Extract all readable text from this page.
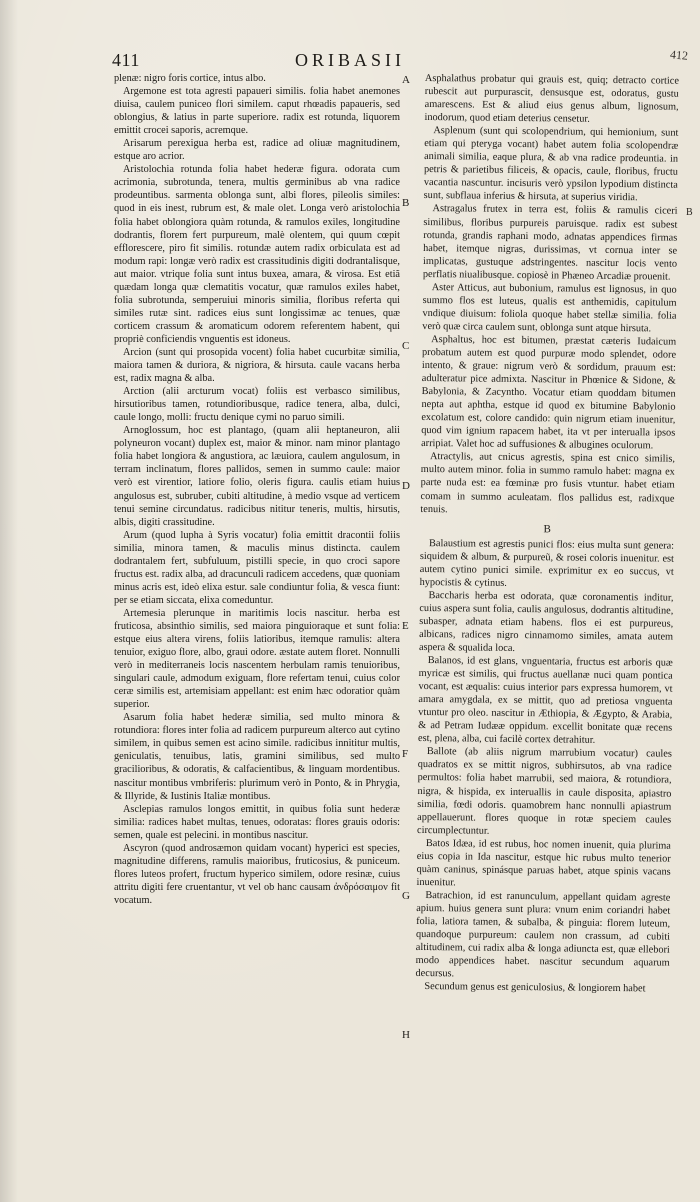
411	ORIBASII	412

plenæ: nigro foris cortice, intus albo.

Argemone est tota agresti papaueri similis. folia habet anemones diuisa, caulem puniceo flori similem. caput rhœadis papaueris, sed oblongius, & latius in parte superiore. radix est rotunda, liquorem emittit crocei saporis, acremque.

Arisarum perexigua herba est, radice ad oliuæ magnitudinem, estque aro acrior.

Aristolochia rotunda folia habet hederæ figura. odorata cum acrimonia, subrotunda, tenera, multis germinibus ab vna radice prodeuntibus. sarmenta oblonga sunt, albi flores, pileolis similes: quod in eis inest, rubrum est, & male olet. Longa verò aristolochia folia habet oblongiora quàm rotunda, & ramulos exiles, longitudine dodrantis, florem fert purpureum, malè olentem, qui quum cœpit efflorescere, piro fit similis. rotundæ autem radix orbiculata est ad modum rapi: longæ verò radix est crassitudinis digiti dodrantalisque, aut maior. vtrique folia sunt intus buxea, amara, & virosa. Est etiã quædam longa quæ clematitis vocatur, quæ ramulos exiles habet, folia subrotunda, semperuiui minoris similia, floribus referta qui similes rutæ sint. radices eius sunt longissimæ ac tenues, quæ corticem crassum & aromaticum odorem referentem habent, qui propriè conficiendis vnguentis est idoneus.

Arcion (sunt qui prosopida vocent) folia habet cucurbitæ similia, maiora tamen & duriora, & nigriora, & hirsuta. caule vacans herba est, radix magna & alba.

Arction (alii arcturum vocat) foliis est verbasco similibus, hirsutioribus tamen, rotundioribusque, radice tenera, alba, dulci, caule longo, molli: fructu denique cymi no paruo simili.

Arnoglossum, hoc est plantago, (quam alii heptaneuron, alii polyneuron vocant) duplex est, maior & minor. nam minor plantago folia habet longiora & angustiora, ac læuiora, caulem angulosum, in terram inclinatum, flores pallidos, semen in summo caule: maior verò est virentior, latiore folio, oleris figura. caulis etiam huius angulosus est, subruber, cubiti altitudine, à medio vsque ad verticem tenui semine circundatus. radicibus nititur teneris, multis, hirsutis, albis, digiti crassitudine.

Arum (quod lupha à Syris vocatur) folia emittit dracontii foliis similia, minora tamen, & maculis minus distincta. caulem dodrantalem fert, subfuluum, pistilli specie, in quo croci sapore fructus est. radix alba, ad dracunculi radicem accedens, quæ quoniam minus acris est, ideò elixa estur. sale condiuntur folia, & vesca fiunt: per se etiam siccata, elixa comeduntur.

Artemesia plerunque in maritimis locis nascitur. herba est fruticosa, absinthio similis, sed maiora pinguioraque et sunt folia: estque eius altera virens, foliis latioribus, itemque ramulis: altera tenuior, exiguo flore, albo, graui odore. æstate autem floret. Nonnulli verò in mediterraneis locis nascentem herbulam ramis tenuioribus, singulari caule, admodum exiguam, flore refertam tenui, cuius color ceræ similis est, artemisiam appellant: est enim hæc odoratior quàm superior.

Asarum folia habet hederæ similia, sed multo minora & rotundiora: flores inter folia ad radicem purpureum alterco aut cytino similem, in quibus semen est acino simile. radicibus innititur multis, geniculatis, tenuibus, latis, gramini similibus, sed multo gracilioribus, & odoratis, & calfacientibus, & linguam mordentibus. nascitur montibus vmbriferis: plurimum verò in Ponto, & in Phrygia, & Illyride, & Iustinis Italiæ montibus.

Asclepias ramulos longos emittit, in quibus folia sunt hederæ similia: radices habet multas, tenues, odoratas: flores grauis odoris: semen, quale est pelecini. in montibus nascitur.

Ascyron (quod androsæmon quidam vocant) hyperici est species, magnitudine differens, ramulis maioribus, fruticosius, & puniceum. flores luteos profert, fructum hyperico similem, odore resinæ, cuius attritu digiti fere cruentantur, vt vel ob hanc causam ἀνδρόσαιμον fit vocatum.

A
B
C
D
E
F
G
H

Asphalathus probatur qui grauis est, quiq; detracto cortice rubescit aut purpurascit, densusque est, odoratus, gustu amarescens. Est & aliud eius genus album, lignosum, inodorum, quod etiam deterius censetur.

Asplenum (sunt qui scolopendrium, qui hemionium, sunt etiam qui pteryga vocant) habet autem folia scolopendræ animali similia, eaque plura, & ab vna radice prodeuntia. in petris & parietibus filiceis, & opacis, caule, floribus, fructu vacantia nascuntur. incisuris verò ypsilon lypodium distincta sunt, subflaua inferius & hirsuta, at superius viridia.

Astragalus frutex in terra est, foliis & ramulis ciceri similibus, floribus purpureis paruisque. radix est subest rotunda, grandis raphani modo, adnatas appendices firmas habet, itemque nigras, durissimas, vt cornua inter se implicatas, gustuque adstringentes. nascitur locis vento perflatis niualibusque. copiosè in Phæneo Arcadiæ prouenit.

Aster Atticus, aut bubonium, ramulus est lignosus, in quo summo flos est luteus, qualis est anthemidis, capitulum vndique diuisum: foliola quoque habet stellæ similia. folia verò quæ circa caulem sunt, oblonga sunt atque hirsuta.

Asphaltus, hoc est bitumen, præstat cæteris Iudaicum probatum autem est quod purpuræ modo splendet, odore intento, & graue: nigrum verò & sordidum, prauum est: adulteratur pice admixta. Nascitur in Phœnice & Sidone, & Babylonia, & Zacyntho. Vocatur etiam quoddam bitumen nepta aut aphtha, estque id quod ex bitumine Babylonio excolatum est, colore candido: quin nigrum etiam inuenitur, quod vim ignium rapacem habet, ita vt per interualla ipsos arripiat. Valet hoc ad suffusiones & albugines oculorum.

Atractylis, aut cnicus agrestis, spina est cnico similis, multo autem minor. folia in summo ramulo habet: magna ex parte nuda est: ea fœminæ pro fusis vtuntur. habet etiam comam in summo aculeatam. flos pallidus est, radixque tenuis.

B

Balaustium est agrestis punici flos: eius multa sunt genera: siquidem & album, & purpureũ, & rosei coloris inuenitur. est autem cytino punici simile. exprimitur ex eo succus, vt hypocistis & cytinus.

Baccharis herba est odorata, quæ coronamentis inditur, cuius aspera sunt folia, caulis angulosus, dodrantis altitudine, subasper, adnata etiam habens. flos ei est purpureus, albicans, radices nigro cinnamomo similes, amata autem aspera & squalida loca.

Balanos, id est glans, vnguentaria, fructus est arboris quæ myricæ est similis, qui fructus auellanæ nuci quam pontica vocant, est æqualis: cuius interior pars expressa humorem, vt amara amygdala, ex se mittit, quo ad pretiosa vnguenta vtuntur pro oleo. nascitur in Æthiopia, & Ægypto, & Arabia, & ad Petram Iudææ oppidum. excellit bonitate quæ recens est, plena, alba, cui facilè cortex detrahitur.

Ballote (ab aliis nigrum marrubium vocatur) caules quadratos ex se mittit nigros, subhirsutos, ab vna radice permultos: folia habet marrubii, sed maiora, & rotundiora, nigra, & hispida, ex interuallis in caule disposita, apiastro similia, fœdi odoris. quamobrem hanc nonnulli apiastrum appellauerunt. flores quoque in rotæ speciem caules circumplectuntur.

Batos Idæa, id est rubus, hoc nomen inuenit, quia plurima eius copia in Ida nascitur, estque hic rubus multo tenerior quàm caninus, spinásque paruas habet, atque spinis vacans inuenitur.

Batrachion, id est ranunculum, appellant quidam agreste apium. huius genera sunt plura: vnum enim coriandri habet folia, latiora tamen, & subalba, & pinguia: florem luteum, quandoque purpureum: caulem non crassum, ad cubiti altitudinem, cui radix alba & longa adiuncta est, quæ ellebori modo appendices habet. nascitur secundum aquarum decursus.

Secundum genus est geniculosius, & longiorem habet

B
